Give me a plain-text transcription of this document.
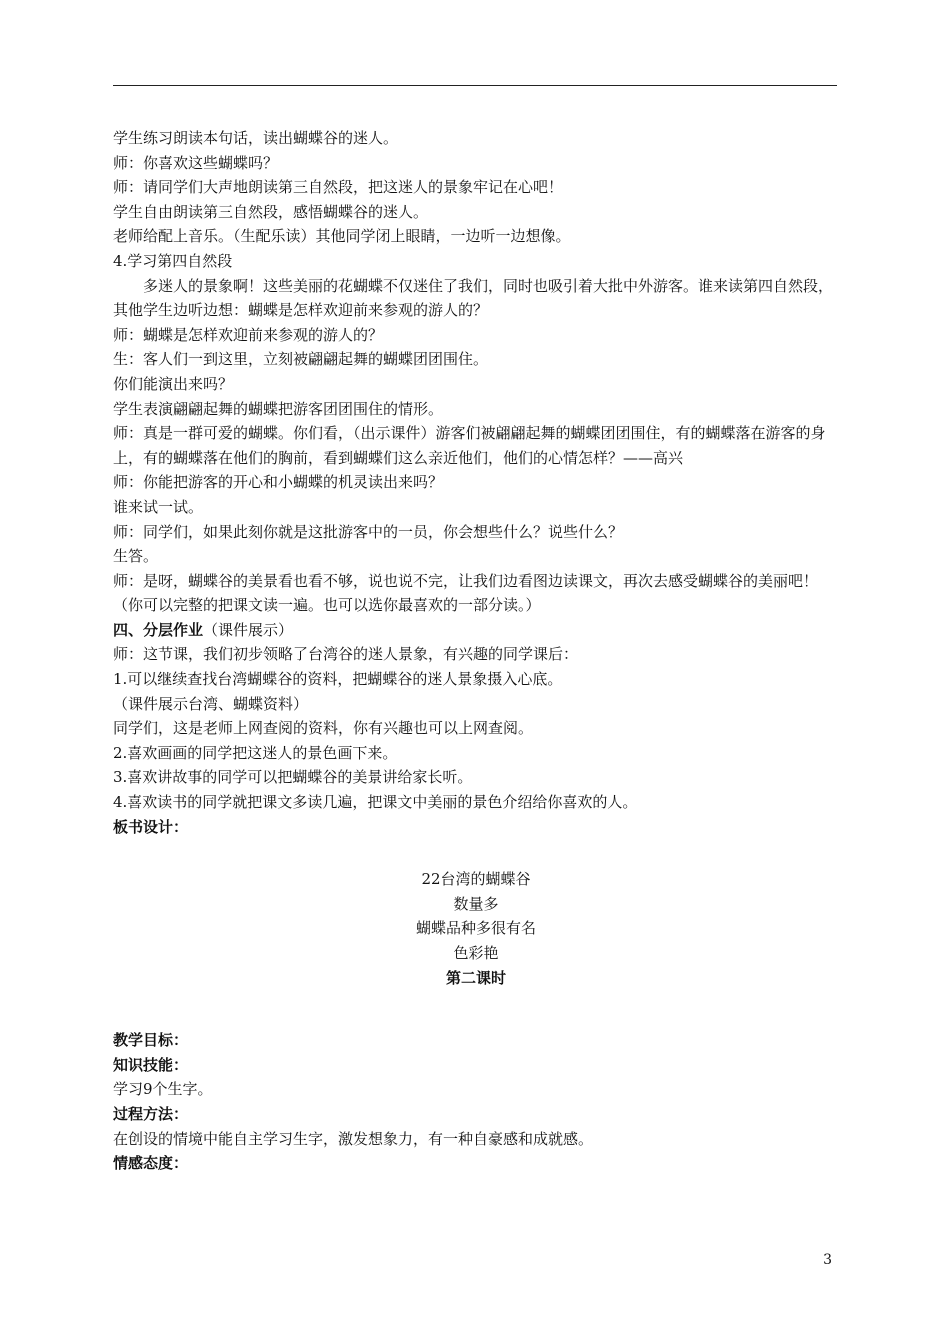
学生练习朗读本句话，读出蝴蝶谷的迷人。

师：你喜欢这些蝴蝶吗？

师：请同学们大声地朗读第三自然段，把这迷人的景象牢记在心吧！

学生自由朗读第三自然段，感悟蝴蝶谷的迷人。

老师给配上音乐。（生配乐读）其他同学闭上眼睛，一边听一边想像。

4.学习第四自然段

多迷人的景象啊！这些美丽的花蝴蝶不仅迷住了我们，同时也吸引着大批中外游客。谁来读第四自然段，其他学生边听边想：蝴蝶是怎样欢迎前来参观的游人的？

师：蝴蝶是怎样欢迎前来参观的游人的？

生：客人们一到这里，立刻被翩翩起舞的蝴蝶团团围住。

你们能演出来吗？

学生表演翩翩起舞的蝴蝶把游客团团围住的情形。

师：真是一群可爱的蝴蝶。你们看，（出示课件）游客们被翩翩起舞的蝴蝶团团围住，有的蝴蝶落在游客的身上，有的蝴蝶落在他们的胸前，看到蝴蝶们这么亲近他们，他们的心情怎样？——高兴

师：你能把游客的开心和小蝴蝶的机灵读出来吗？

谁来试一试。

师：同学们，如果此刻你就是这批游客中的一员，你会想些什么？说些什么？

生答。

师：是呀，蝴蝶谷的美景看也看不够，说也说不完，让我们边看图边读课文，再次去感受蝴蝶谷的美丽吧！（你可以完整的把课文读一遍。也可以选你最喜欢的一部分读。）

四、分层作业（课件展示）

师：这节课，我们初步领略了台湾谷的迷人景象，有兴趣的同学课后：

1.可以继续查找台湾蝴蝶谷的资料，把蝴蝶谷的迷人景象摄入心底。

（课件展示台湾、蝴蝶资料）

同学们，这是老师上网查阅的资料，你有兴趣也可以上网查阅。

2.喜欢画画的同学把这迷人的景色画下来。

3.喜欢讲故事的同学可以把蝴蝶谷的美景讲给家长听。

4.喜欢读书的同学就把课文多读几遍，把课文中美丽的景色介绍给你喜欢的人。

板书设计：

22台湾的蝴蝶谷

数量多

蝴蝶品种多很有名

色彩艳

第二课时

教学目标：

知识技能：

学习9个生字。

过程方法：

在创设的情境中能自主学习生字，激发想象力，有一种自豪感和成就感。

情感态度：

3
